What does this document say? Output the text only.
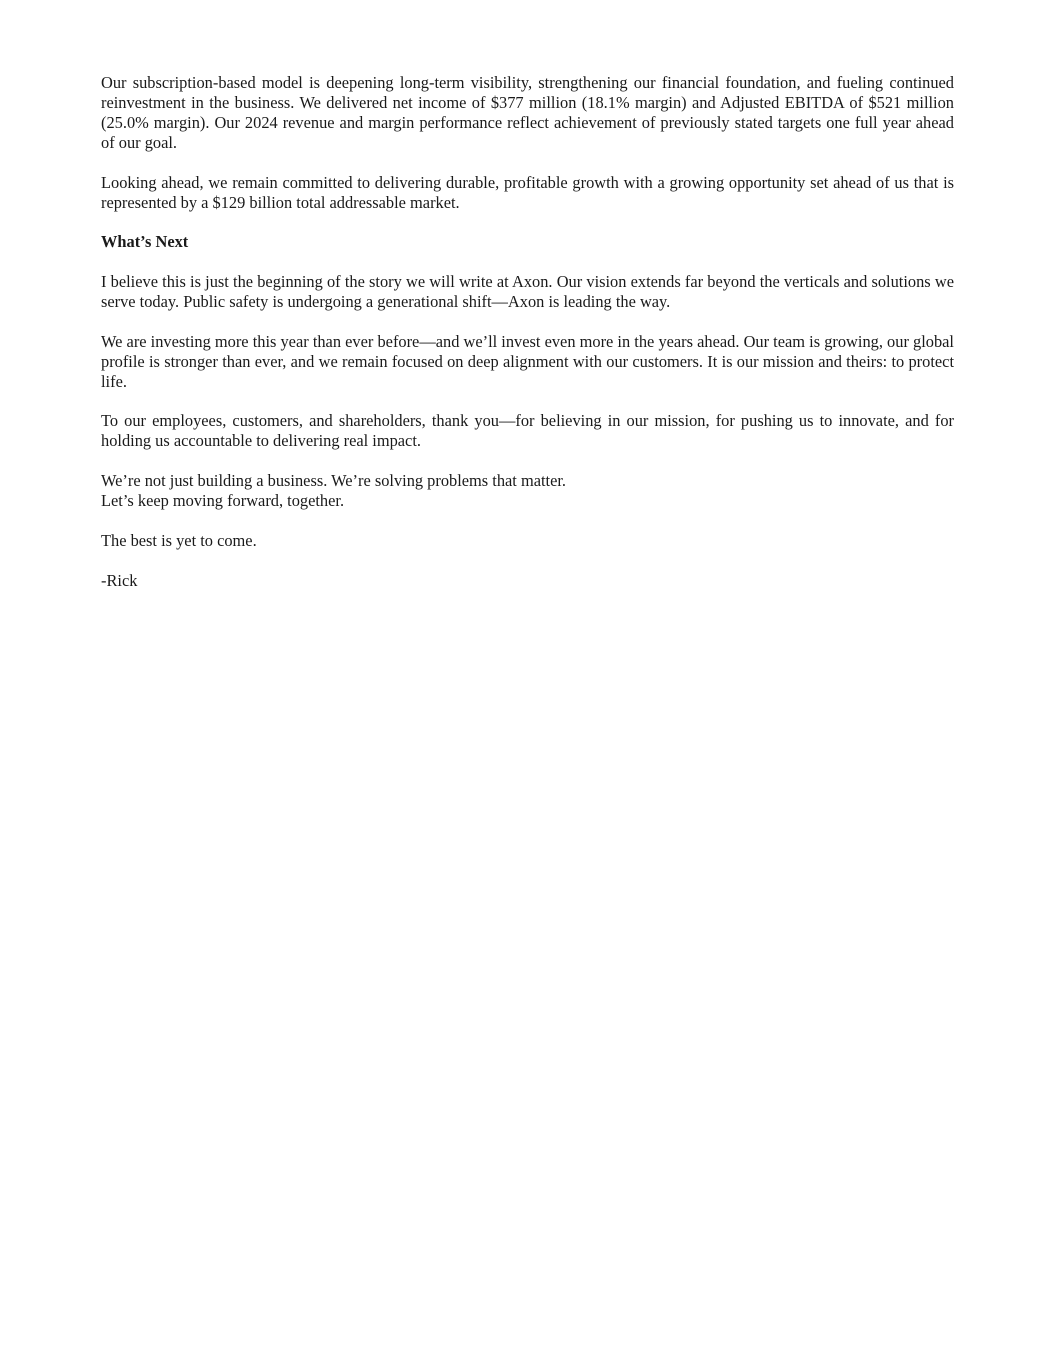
Our subscription-based model is deepening long-term visibility, strengthening our financial foundation, and fueling continued reinvestment in the business. We delivered net income of $377 million (18.1% margin) and Adjusted EBITDA of $521 million (25.0% margin). Our 2024 revenue and margin performance reflect achievement of previously stated targets one full year ahead of our goal.

Looking ahead, we remain committed to delivering durable, profitable growth with a growing opportunity set ahead of us that is represented by a $129 billion total addressable market.

What’s Next

I believe this is just the beginning of the story we will write at Axon. Our vision extends far beyond the verticals and solutions we serve today. Public safety is undergoing a generational shift—Axon is leading the way.

We are investing more this year than ever before—and we’ll invest even more in the years ahead. Our team is growing, our global profile is stronger than ever, and we remain focused on deep alignment with our customers. It is our mission and theirs: to protect life.

To our employees, customers, and shareholders, thank you—for believing in our mission, for pushing us to innovate, and for holding us accountable to delivering real impact.

We’re not just building a business. We’re solving problems that matter.
Let’s keep moving forward, together.

The best is yet to come.

-Rick
